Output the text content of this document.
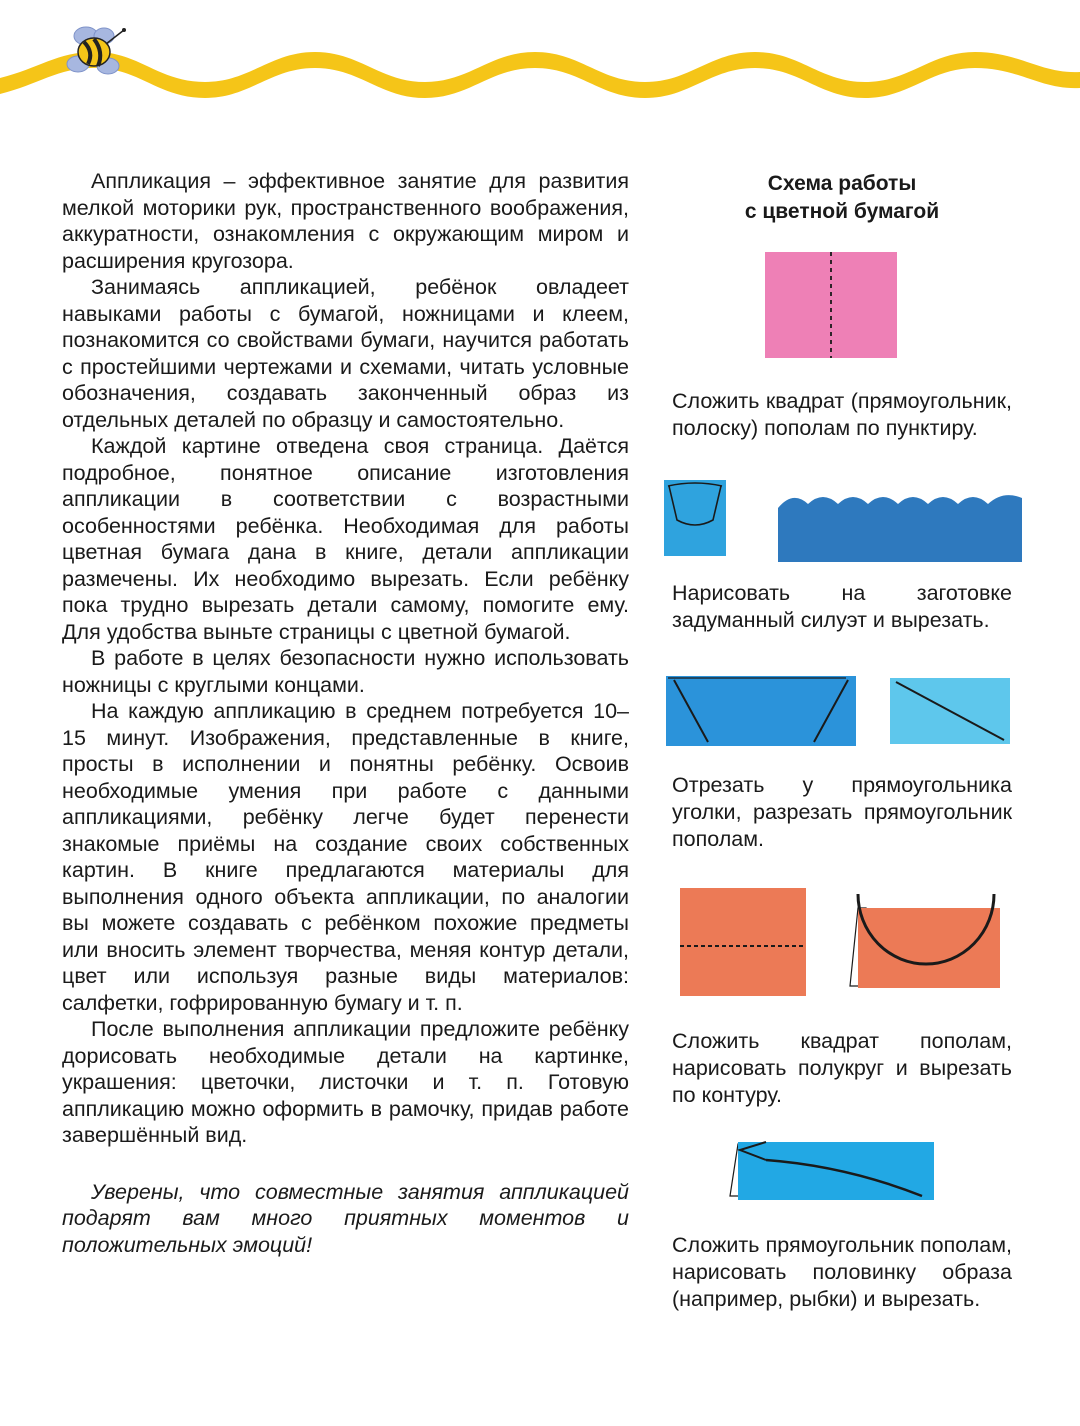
Аппликация – эффективное занятие для развития мелкой моторики рук, пространственного воображения, аккуратности, ознакомления с окружающим миром и расширения кругозора.

Занимаясь аппликацией, ребёнок овладеет навыками работы с бумагой, ножницами и клеем, познакомится со свойствами бумаги, научится работать с простейшими чертежами и схемами, читать условные обозначения, создавать законченный образ из отдельных деталей по образцу и самостоятельно.

Каждой картине отведена своя страница. Даётся подробное, понятное описание изготовления аппликации в соответствии с возрастными особенностями ребёнка. Необходимая для работы цветная бумага дана в книге, детали аппликации размечены. Их необходимо вырезать. Если ребёнку пока трудно вырезать детали самому, помогите ему. Для удобства выньте страницы с цветной бумагой.

В работе в целях безопасности нужно использовать ножницы с круглыми концами.

На каждую аппликацию в среднем потребуется 10–15 минут. Изображения, представленные в книге, просты в исполнении и понятны ребёнку. Освоив необходимые умения при работе с данными аппликациями, ребёнку легче будет перенести знакомые приёмы на создание своих собственных картин. В книге предлагаются материалы для выполнения одного объекта аппликации, по аналогии вы можете создавать с ребёнком похожие предметы или вносить элемент творчества, меняя контур детали, цвет или используя разные виды материалов: салфетки, гофрированную бумагу и т. п.

После выполнения аппликации предложите ребёнку дорисовать необходимые детали на картинке, украшения: цветочки, листочки и т. п. Готовую аппликацию можно оформить в рамочку, придав работе завершённый вид.

Уверены, что совместные занятия аппликацией подарят вам много приятных моментов и положительных эмоций!

Схема работы
с цветной бумагой

Сложить квадрат (прямоугольник, полоску) пополам по пунктиру.

Нарисовать на заготовке задуманный силуэт и вырезать.

Отрезать у прямоугольника уголки, разрезать прямоугольник пополам.

Сложить квадрат пополам, нарисовать полукруг и вырезать по контуру.

Сложить прямоугольник пополам, нарисовать половинку образа (например, рыбки) и вырезать.
